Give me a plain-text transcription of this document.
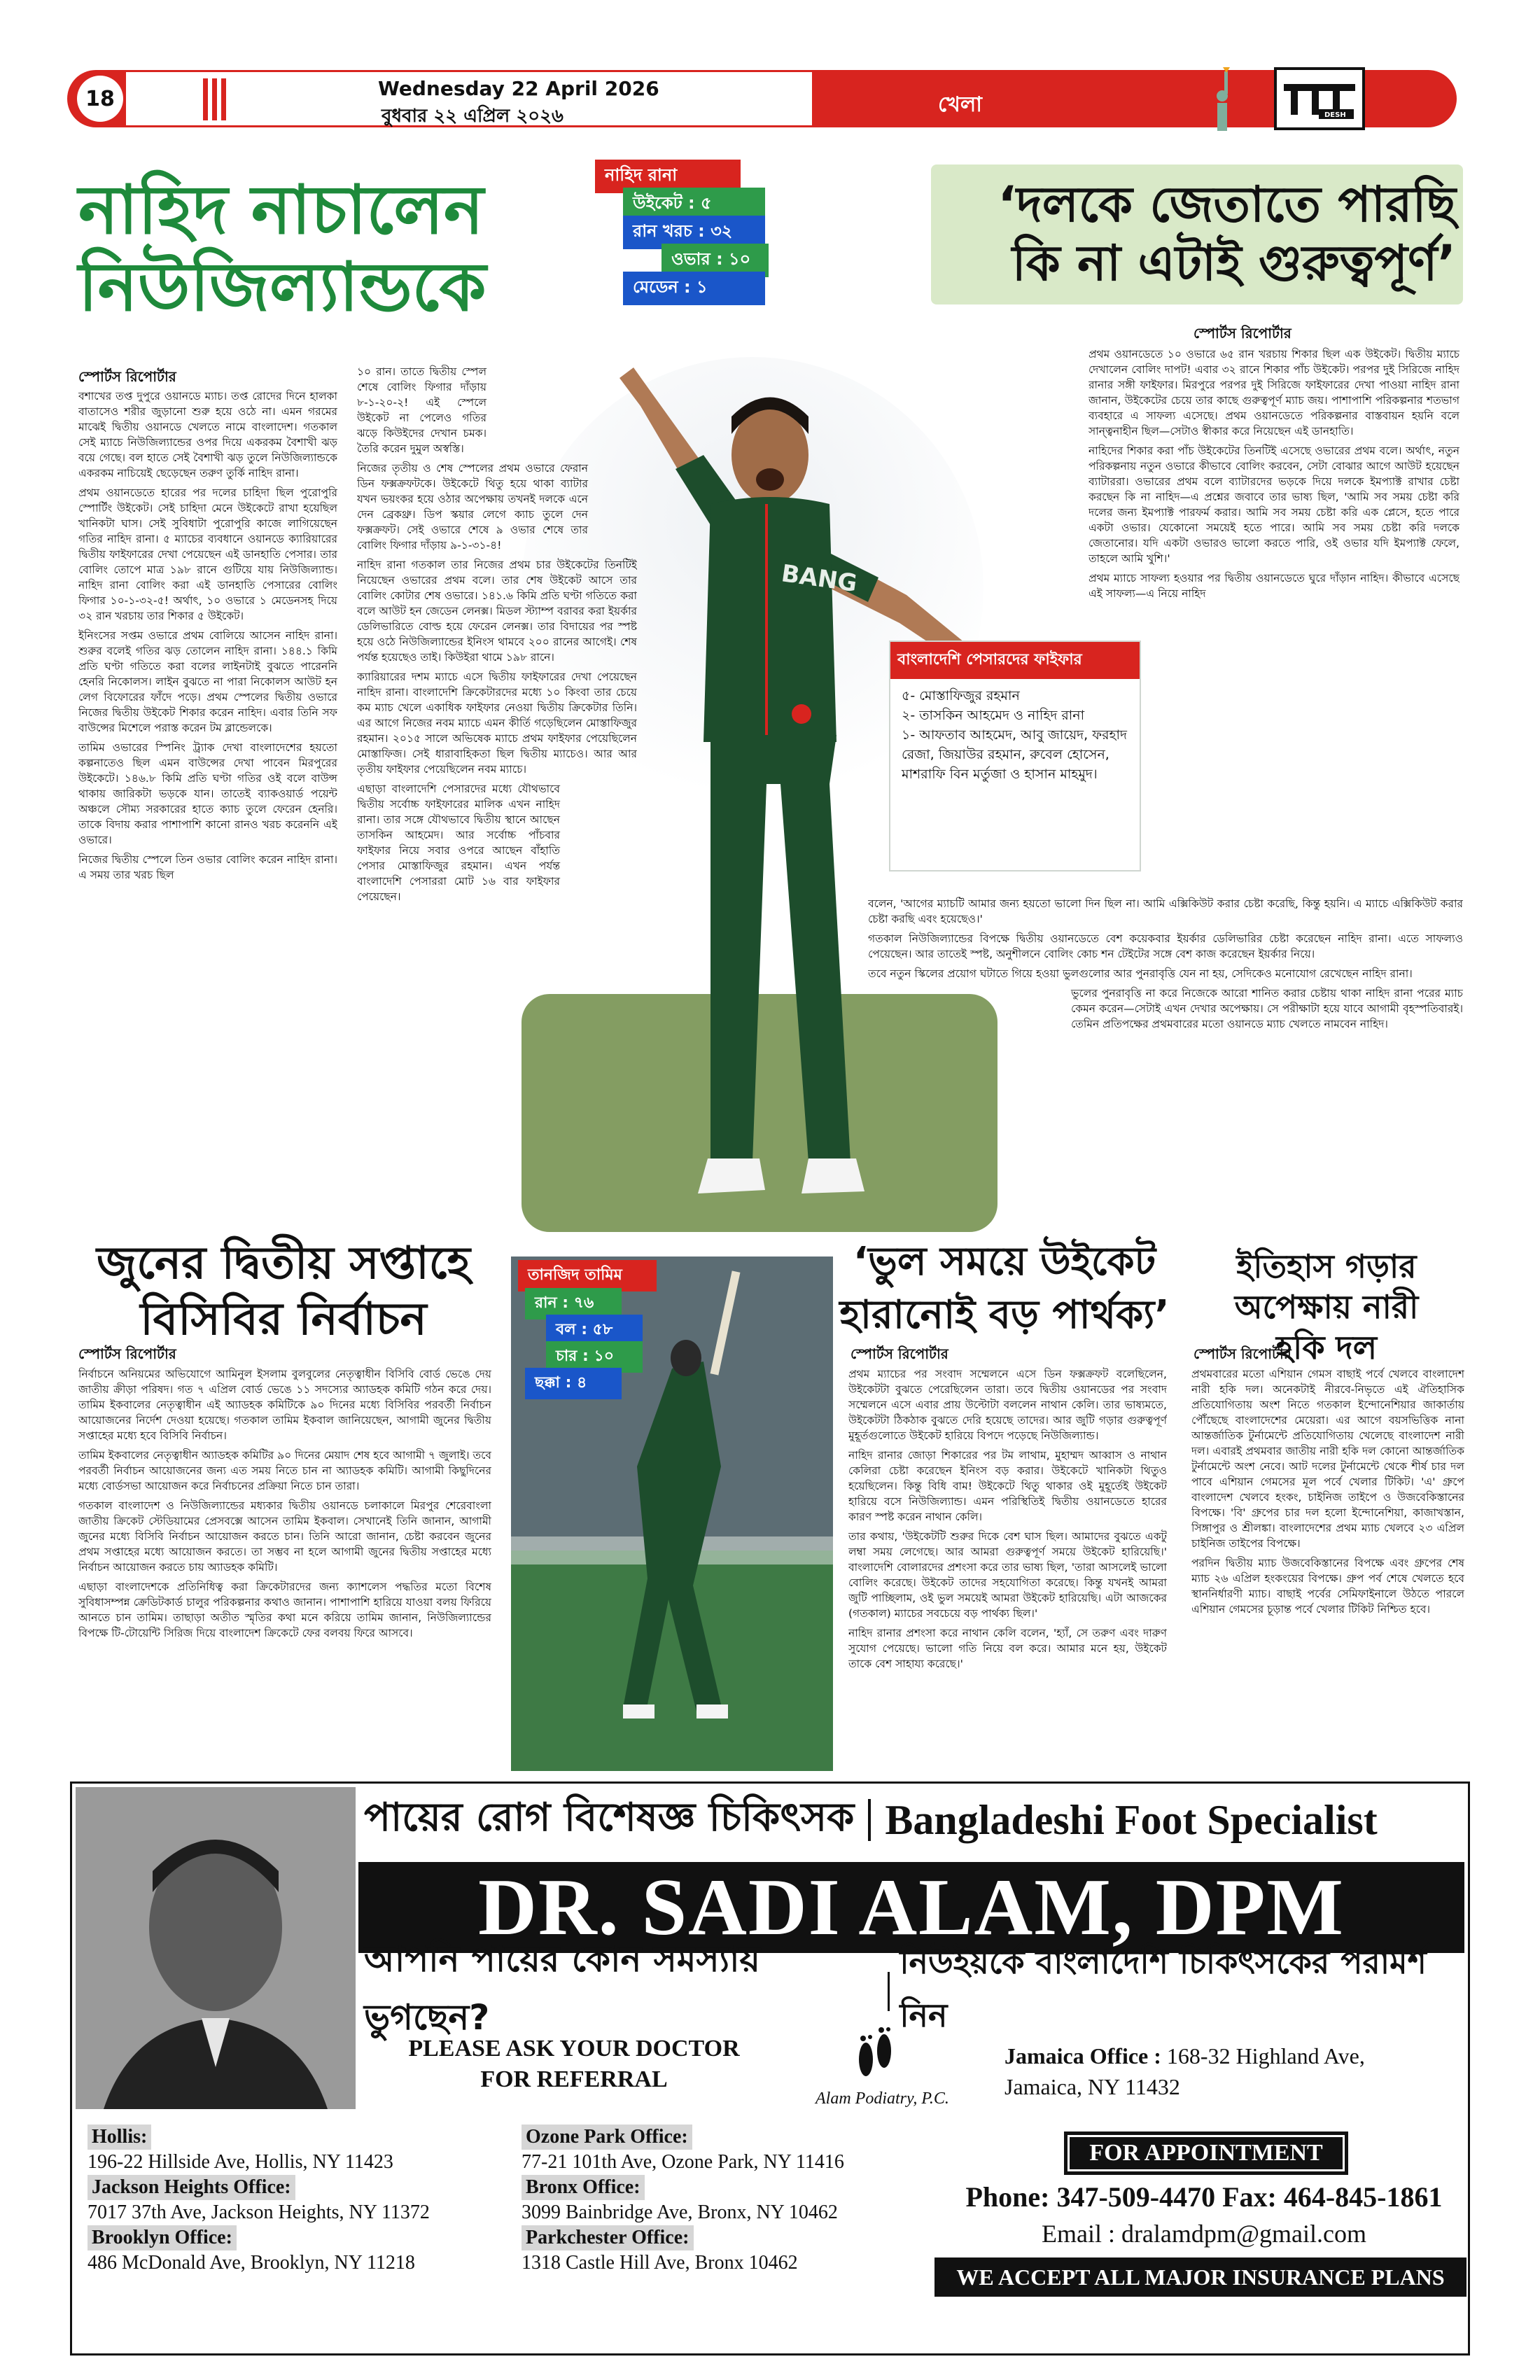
18	Wednesday 22 April 2026
বুধবার ২২ এপ্রিল ২০২৬	খেলা	DESH
নাহিদ নাচালেন
নিউজিল্যান্ডকে
নাহিদ রানা
উইকেট : ৫
রান খরচ : ৩২
ওভার : ১০
মেডেন : ১
‘দলকে জেতাতে পারছি
কি না এটাই গুরুত্বপূর্ণ’
স্পোর্টস রিপোর্টার
BANG
স্পোর্টস রিপোর্টার

বশাখের তপ্ত দুপুরে ওয়ানডে ম্যাচ। তপ্ত রোদের দিনে হালকা বাতাসেও শরীর জুড়ানো শুরু হয়ে ওঠে না। এমন গরমের মাঝেই দ্বিতীয় ওয়ানডে খেলতে নামে বাংলাদেশ। গতকাল সেই ম্যাচে নিউজিল্যান্ডের ওপর দিয়ে একরকম বৈশাখী ঝড় বয়ে গেছে। বল হাতে সেই বৈশাখী ঝড় তুলে নিউজিল্যান্ডকে একরকম নাচিয়েই ছেড়েছেন তরুণ তুর্কি নাহিদ রানা।

প্রথম ওয়ানডেতে হারের পর দলের চাহিদা ছিল পুরোপুরি স্পোর্টিং উইকেট। সেই চাহিদা মেনে উইকেটে রাখা হয়েছিল খানিকটা ঘাস। সেই সুবিধাটা পুরোপুরি কাজে লাগিয়েছেন গতির নাহিদ রানা। ৫ ম্যাচের ব্যবধানে ওয়ানডে ক্যারিয়ারের দ্বিতীয় ফাইফারের দেখা পেয়েছেন এই ডানহাতি পেসার। তার বোলিং তোপে মাত্র ১৯৮ রানে গুটিয়ে যায় নিউজিল্যান্ড। নাহিদ রানা বোলিং করা এই ডানহাতি পেসারের বোলিং ফিগার ১০-১-৩২-৫! অর্থাৎ, ১০ ওভারে ১ মেডেনসহ দিয়ে ৩২ রান খরচায় তার শিকার ৫ উইকেট।

ইনিংসের সপ্তম ওভারে প্রথম বোলিয়ে আসেন নাহিদ রানা। শুরুর বলেই গতির ঝড় তোলেন নাহিদ রানা। ১৪৪.১ কিমি প্রতি ঘণ্টা গতিতে করা বলের লাইনটাই বুঝতে পারেননি হেনরি নিকোলস। লাইন বুঝতে না পারা নিকোলস আউট হন লেগ বিফোরের ফাঁদে পড়ে। প্রথম স্পেলের দ্বিতীয় ওভারে নিজের দ্বিতীয় উইকেট শিকার করেন নাহিদ। এবার তিনি সফ বাউন্সের মিশেলে পরাস্ত করেন টম ব্লান্ডেলকে।

তামিম ওভারের স্পিনিং ট্র্যাক দেখা বাংলাদেশের হয়তো কল্পনাতেও ছিল এমন বাউন্সের দেখা পাবেন মিরপুরের উইকেটে। ১৪৬.৮ কিমি প্রতি ঘণ্টা গতির ওই বলে বাউন্স থাকায় জারিকটা ভড়কে যান। তাতেই ব্যাকওয়ার্ড পয়েন্ট অঞ্চলে সৌম্য সরকারের হাতে ক্যাচ তুলে ফেরেন হেনরি। তাকে বিদায় করার পাশাপাশি কানো রানও খরচ করেননি এই ওভারে।

নিজের দ্বিতীয় স্পেলে তিন ওভার বোলিং করেন নাহিদ রানা। এ সময় তার খরচ ছিল

১০ রান। তাতে দ্বিতীয় স্পেল শেষে বোলিং ফিগার দাঁড়ায় ৮-১-২০-২! এই স্পেলে উইকেট না পেলেও গতির ঝড়ে কিউইদের দেখান চমক। তৈরি করেন দুমুল অস্বস্তি।

নিজের তৃতীয় ও শেষ স্পেলের প্রথম ওভারে ফেরান ডিন ফক্সক্রফটকে। উইকেটে থিতু হয়ে থাকা ব্যাটার যখন ভয়ংকর হয়ে ওঠার অপেক্ষায় তখনই দলকে এনে দেন ব্রেকথ্রু। ডিপ স্কয়ার লেগে ক্যাচ তুলে দেন ফক্সক্রফট। সেই ওভারে শেষে ৯ ওভার শেষে তার বোলিং ফিগার দাঁড়ায় ৯-১-৩১-৪!

নাহিদ রানা গতকাল তার নিজের প্রথম চার উইকেটের তিনটিই নিয়েছেন ওভারের প্রথম বলে। তার শেষ উইকেট আসে তার বোলিং কোটার শেষ ওভারে। ১৪১.৬ কিমি প্রতি ঘণ্টা গতিতে করা বলে আউট হন জেডেন লেনক্স। মিডল স্ট্যাম্প বরাবর করা ইয়র্কার ডেলিভারিতে বোল্ড হয়ে ফেরেন লেনক্স। তার বিদায়ের পর স্পষ্ট হয়ে ওঠে নিউজিল্যান্ডের ইনিংস থামবে ২০০ রানের আগেই। শেষ পর্যন্ত হয়েছেও তাই। কিউইরা থামে ১৯৮ রানে।

ক্যারিয়ারের দশম ম্যাচে এসে দ্বিতীয় ফাইফারের দেখা পেয়েছেন নাহিদ রানা। বাংলাদেশি ক্রিকেটারদের মধ্যে ১০ কিংবা তার চেয়ে কম ম্যাচ খেলে একাধিক ফাইফার নেওয়া দ্বিতীয় ক্রিকেটার তিনি। এর আগে নিজের নবম ম্যাচে এমন কীর্তি গড়েছিলেন মোস্তাফিজুর রহমান। ২০১৫ সালে অভিষেক ম্যাচে প্রথম ফাইফার পেয়েছিলেন মোস্তাফিজ। সেই ধারাবাহিকতা ছিল দ্বিতীয় ম্যাচেও। আর আর তৃতীয় ফাইফার পেয়েছিলেন নবম ম্যাচে।

এছাড়া বাংলাদেশি পেসারদের মধ্যে যৌথভাবে দ্বিতীয় সর্বোচ্চ ফাইফারের মালিক এখন নাহিদ রানা। তার সঙ্গে যৌথভাবে দ্বিতীয় স্থানে আছেন তাসকিন আহমেদ। আর সর্বোচ্চ পাঁচবার ফাইফার নিয়ে সবার ওপরে আছেন বাঁহাতি পেসার মোস্তাফিজুর রহমান। এখন পর্যন্ত বাংলাদেশি পেসাররা মোট ১৬ বার ফাইফার পেয়েছেন।

প্রথম ওয়ানডেতে ১০ ওভারে ৬৫ রান খরচায় শিকার ছিল এক উইকেট। দ্বিতীয় ম্যাচে দেখালেন বোলিং দাপট! এবার ৩২ রানে শিকার পাঁচ উইকেট। পরপর দুই সিরিজে নাহিদ রানার সঙ্গী ফাইফার। মিরপুরে পরপর দুই সিরিজে ফাইফারের দেখা পাওয়া নাহিদ রানা জানান, উইকেটের চেয়ে তার কাছে গুরুত্বপূর্ণ ম্যাচ জয়। পাশাপাশি পরিকল্পনার শতভাগ ব্যবহারে এ সাফল্য এসেছে। প্রথম ওয়ানডেতে পরিকল্পনার বাস্তবায়ন হয়নি বলে সান্ত্বনাহীন ছিল—সেটাও স্বীকার করে নিয়েছেন এই ডানহাতি।

নাহিদের শিকার করা পাঁচ উইকেটের তিনটিই এসেছে ওভারের প্রথম বলে। অর্থাৎ, নতুন পরিকল্পনায় নতুন ওভারে কীভাবে বোলিং করবেন, সেটা বোঝার আগে আউট হয়েছেন ব্যাটাররা। ওভারের প্রথম বলে ব্যাটারদের ভড়কে দিয়ে দলকে ইমপ্যাক্ট রাখার চেষ্টা করছেন কি না নাহিদ—এ প্রশ্নের জবাবে তার ভাষ্য ছিল, 'আমি সব সময় চেষ্টা করি দলের জন্য ইমপ্যাক্ট পারফর্ম করার। আমি সব সময় চেষ্টা করি এক প্লেসে, হতে পারে একটা ওভার। যেকোনো সময়েই হতে পারে। আমি সব সময় চেষ্টা করি দলকে জেতানোর। যদি একটা ওভারও ভালো করতে পারি, ওই ওভার যদি ইমপ্যাক্ট ফেলে, তাহলে আমি খুশি।'

প্রথম ম্যাচে সাফল্য হওয়ার পর দ্বিতীয় ওয়ানডেতে ঘুরে দাঁড়ান নাহিদ। কীভাবে এসেছে এই সাফল্য—এ নিয়ে নাহিদ

বাংলাদেশি পেসারদের ফাইফার
৫- মোস্তাফিজুর রহমান
২- তাসকিন আহমেদ ও নাহিদ রানা
১- আফতাব আহমেদ, আবু জায়েদ, ফরহাদ রেজা, জিয়াউর রহমান, রুবেল হোসেন, মাশরাফি বিন মর্তুজা ও হাসান মাহমুদ।

বলেন, 'আগের ম্যাচটি আমার জন্য হয়তো ভালো দিন ছিল না। আমি এক্সিকিউট করার চেষ্টা করেছি, কিন্তু হয়নি। এ ম্যাচে এক্সিকিউট করার চেষ্টা করছি এবং হয়েছেও।'

গতকাল নিউজিল্যান্ডের বিপক্ষে দ্বিতীয় ওয়ানডেতে বেশ কয়েকবার ইয়র্কার ডেলিভারির চেষ্টা করেছেন নাহিদ রানা। এতে সাফল্যও পেয়েছেন। আর তাতেই স্পষ্ট, অনুশীলনে বোলিং কোচ শন টেইটের সঙ্গে বেশ কাজ করেছেন ইয়র্কার নিয়ে।

তবে নতুন স্কিলের প্রয়োগ ঘটাতে গিয়ে হওয়া ভুলগুলোর আর পুনরাবৃত্তি যেন না হয়, সেদিকেও মনোযোগ রেখেছেন নাহিদ রানা।

ভুলের পুনরাবৃত্তি না করে নিজেকে আরো শানিত করার চেষ্টায় থাকা নাহিদ রানা পরের ম্যাচ কেমন করেন—সেটাই এখন দেখার অপেক্ষায়। সে পরীক্ষাটা হয়ে যাবে আগামী বৃহস্পতিবারই। তেমিন প্রতিপক্ষের প্রথমবারের মতো ওয়ানডে ম্যাচ খেলতে নামবেন নাহিদ।

জুনের দ্বিতীয় সপ্তাহে
বিসিবির নির্বাচন
স্পোর্টস রিপোর্টার

নির্বাচনে অনিয়মের অভিযোগে আমিনুল ইসলাম বুলবুলের নেতৃত্বাধীন বিসিবি বোর্ড ভেঙে দেয় জাতীয় ক্রীড়া পরিষদ। গত ৭ এপ্রিল বোর্ড ভেঙে ১১ সদস্যের অ্যাডহক কমিটি গঠন করে দেয়। তামিম ইকবালের নেতৃত্বাধীন এই অ্যাডহক কমিটিকে ৯০ দিনের মধ্যে বিসিবির পরবর্তী নির্বাচন আয়োজনের নির্দেশ দেওয়া হয়েছে। গতকাল তামিম ইকবাল জানিয়েছেন, আগামী জুনের দ্বিতীয় সপ্তাহের মধ্যে হবে বিসিবি নির্বাচন।

তামিম ইকবালের নেতৃত্বাধীন অ্যাডহক কমিটির ৯০ দিনের মেয়াদ শেষ হবে আগামী ৭ জুলাই। তবে পরবর্তী নির্বাচন আয়োজনের জন্য এত সময় নিতে চান না অ্যাডহক কমিটি। আগামী কিছুদিনের মধ্যে বোর্ডসভা আয়োজন করে নির্বাচনের প্রক্রিয়া নিতে চান তারা।

গতকাল বাংলাদেশ ও নিউজিল্যান্ডের মধ্যকার দ্বিতীয় ওয়ানডে চলাকালে মিরপুর শেরেবাংলা জাতীয় ক্রিকেট স্টেডিয়ামের প্রেসবক্সে আসেন তামিম ইকবাল। সেখানেই তিনি জানান, আগামী জুনের মধ্যে বিসিবি নির্বাচন আয়োজন করতে চান। তিনি আরো জানান, চেষ্টা করবেন জুনের প্রথম সপ্তাহের মধ্যে আয়োজন করতে। তা সম্ভব না হলে আগামী জুনের দ্বিতীয় সপ্তাহের মধ্যে নির্বাচন আয়োজন করতে চায় অ্যাডহক কমিটি।

এছাড়া বাংলাদেশকে প্রতিনিধিত্ব করা ক্রিকেটারদের জন্য ক্যাশলেস পদ্ধতির মতো বিশেষ সুবিধাসম্পন্ন ক্রেডিটকার্ড চালুর পরিকল্পনার কথাও জানান। পাশাপাশি হারিয়ে যাওয়া বলয় ফিরিয়ে আনতে চান তামিম। তাছাড়া অতীত স্মৃতির কথা মনে করিয়ে তামিম জানান, নিউজিল্যান্ডের বিপক্ষে টি-টোয়েন্টি সিরিজ দিয়ে বাংলাদেশ ক্রিকেটে ফের বলবয় ফিরে আসবে।

তানজিদ তামিম
রান : ৭৬
বল : ৫৮
চার : ১০
ছক্কা : ৪
‘ভুল সময়ে উইকেট
হারানোই বড় পার্থক্য’
স্পোর্টস রিপোর্টার

প্রথম ম্যাচের পর সংবাদ সম্মেলনে এসে ডিন ফক্সক্রফট বলেছিলেন, উইকেটটা বুঝতে পেরেছিলেন তারা। তবে দ্বিতীয় ওয়ানডের পর সংবাদ সম্মেলনে এসে এবার প্রায় উল্টোটা বললেন নাথান কেলি। তার ভাষ্যমতে, উইকেটটা ঠিকঠাক বুঝতে দেরি হয়েছে তাদের। আর জুটি গড়ার গুরুত্বপূর্ণ মুহূর্তগুলোতে উইকেট হারিয়ে বিপদে পড়েছে নিউজিল্যান্ড।

নাহিদ রানার জোড়া শিকারের পর টম লাথাম, মুহাম্মদ আব্বাস ও নাথান কেলিরা চেষ্টা করেছেন ইনিংস বড় করার। উইকেটে খানিকটা থিতুও হয়েছিলেন। কিন্তু বিধি বাম! উইকেটে থিতু থাকার ওই মুহূর্তেই উইকেট হারিয়ে বসে নিউজিল্যান্ড। এমন পরিস্থিতিই দ্বিতীয় ওয়ানডেতে হারের কারণ স্পষ্ট করেন নাথান কেলি।

তার কথায়, 'উইকেটটি শুরুর দিকে বেশ ঘাস ছিল। আমাদের বুঝতে একটু লম্বা সময় লেগেছে। আর আমরা গুরুত্বপূর্ণ সময়ে উইকেট হারিয়েছি।' বাংলাদেশি বোলারদের প্রশংসা করে তার ভাষ্য ছিল, 'তারা আসলেই ভালো বোলিং করেছে। উইকেট তাদের সহযোগিতা করেছে। কিন্তু যখনই আমরা জুটি পাচ্ছিলাম, ওই ভুল সময়েই আমরা উইকেট হারিয়েছি। এটা আজকের (গতকাল) ম্যাচের সবচেয়ে বড় পার্থক্য ছিল।'

নাহিদ রানার প্রশংসা করে নাথান কেলি বলেন, 'হ্যাঁ, সে তরুণ এবং দারুণ সুযোগ পেয়েছে। ভালো গতি নিয়ে বল করে। আমার মনে হয়, উইকেট তাকে বেশ সাহায্য করেছে।'

ইতিহাস গড়ার
অপেক্ষায় নারী
হকি দল
স্পোর্টস রিপোর্টার

প্রথমবারের মতো এশিয়ান গেমস বাছাই পর্বে খেলবে বাংলাদেশ নারী হকি দল। অনেকটাই নীরবে-নিভৃতে এই ঐতিহাসিক প্রতিযোগিতায় অংশ নিতে গতকাল ইন্দোনেশিয়ার জাকার্তায় পৌঁছেছে বাংলাদেশের মেয়েরা। এর আগে বয়সভিত্তিক নানা আন্তর্জাতিক টুর্নামেন্টে প্রতিযোগিতায় খেলেছে বাংলাদেশ নারী দল। এবারই প্রথমবার জাতীয় নারী হকি দল কোনো আন্তর্জাতিক টুর্নামেন্টে অংশ নেবে। আট দলের টুর্নামেন্টে থেকে শীর্ষ চার দল পাবে এশিয়ান গেমসের মূল পর্বে খেলার টিকিট। 'এ' গ্রুপে বাংলাদেশ খেলবে হংকং, চাইনিজ তাইপে ও উজবেকিস্তানের বিপক্ষে। 'বি' গ্রুপের চার দল হলো ইন্দোনেশিয়া, কাজাখস্তান, সিঙ্গাপুর ও শ্রীলঙ্কা। বাংলাদেশের প্রথম ম্যাচ খেলবে ২৩ এপ্রিল চাইনিজ তাইপের বিপক্ষে।

পরদিন দ্বিতীয় ম্যাচ উজবেকিস্তানের বিপক্ষে এবং গ্রুপের শেষ ম্যাচ ২৬ এপ্রিল হংকংয়ের বিপক্ষে। গ্রুপ পর্ব শেষে খেলতে হবে স্থাননির্ধারণী ম্যাচ। বাছাই পর্বের সেমিফাইনালে উঠতে পারলে এশিয়ান গেমসের চূড়ান্ত পর্বে খেলার টিকিট নিশ্চিত হবে।

পায়ের রোগ বিশেষজ্ঞ চিকিৎসক Bangladeshi Foot Specialist
DR. SADI ALAM, DPM
আপনি পায়ের কোন সমস্যায় ভুগছেন?
নিউইয়র্কে বাংলাদেশি চিকিৎসকের পরামর্শ নিন
PLEASE ASK YOUR DOCTOR
FOR REFERRAL
Alam Podiatry, P.C.
Jamaica Office : 168-32 Highland Ave,
Jamaica, NY 11432
Hollis:
196-22 Hillside Ave, Hollis, NY 11423
Jackson Heights Office:
7017 37th Ave, Jackson Heights, NY 11372
Brooklyn Office:
486 McDonald Ave, Brooklyn, NY 11218
Ozone Park Office:
77-21 101th Ave, Ozone Park, NY 11416
Bronx Office:
3099 Bainbridge Ave, Bronx, NY 10462
Parkchester Office:
1318 Castle Hill Ave, Bronx 10462
FOR APPOINTMENT
Phone: 347-509-4470 Fax: 464-845-1861
Email : dralamdpm@gmail.com
WE ACCEPT ALL MAJOR INSURANCE PLANS
